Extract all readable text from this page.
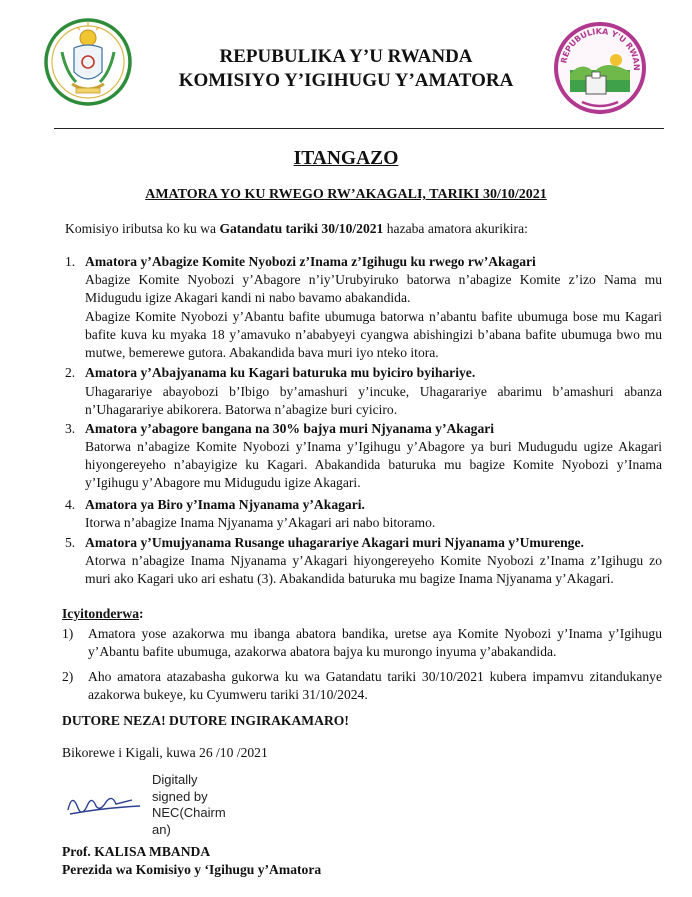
REPUBULIKA Y’U RWANDA
KOMISIYO Y’IGIHUGU Y’AMATORA
REPUBULIKA Y'U RWAN
ITANGAZO
AMATORA YO KU RWEGO RW’AKAGALI, TARIKI 30/10/2021
Komisiyo iributsa ko ku wa Gatandatu tariki 30/10/2021 hazaba amatora akurikira:
1. Amatora y’Abagize Komite Nyobozi z’Inama z’Igihugu ku rwego rw’Akagari
Abagize Komite Nyobozi y’Abagore n’iy’Urubyiruko batorwa n’abagize Komite z’izo Nama mu Midugudu igize Akagari kandi ni nabo bavamo abakandida.
Abagize Komite Nyobozi y’Abantu bafite ubumuga batorwa n’abantu bafite ubumuga bose mu Kagari bafite kuva ku myaka 18 y’amavuko n’ababyeyi cyangwa abishingizi b’abana bafite ubumuga bwo mu mutwe, bemerewe gutora. Abakandida bava muri iyo nteko itora.
2. Amatora y’Abajyanama ku Kagari baturuka mu byiciro byihariye.
Uhagarariye abayobozi b’Ibigo by’amashuri y’incuke, Uhagarariye abarimu b’amashuri abanza n’Uhagarariye abikorera. Batorwa n’abagize buri cyiciro.
3. Amatora y’abagore bangana na 30% bajya muri Njyanama y’Akagari
Batorwa n’abagize Komite Nyobozi y’Inama y’Igihugu y’Abagore ya buri Mudugudu ugize Akagari hiyongereyeho n’abayigize ku Kagari. Abakandida baturuka mu bagize Komite Nyobozi y’Inama y’Igihugu y’Abagore mu Midugudu igize Akagari.
4. Amatora ya Biro y’Inama Njyanama y’Akagari.
Itorwa n’abagize Inama Njyanama y’Akagari ari nabo bitoramo.
5. Amatora y’Umujyanama Rusange uhagarariye Akagari muri Njyanama y’Umurenge.
Atorwa n’abagize Inama Njyanama y’Akagari hiyongereyeho Komite Nyobozi z’Inama z’Igihugu zo muri ako Kagari uko ari eshatu (3). Abakandida baturuka mu bagize Inama Njyanama y’Akagari.
Icyitonderwa:
1) Amatora yose azakorwa mu ibanga abatora bandika, uretse aya Komite Nyobozi y’Inama y’Igihugu y’Abantu bafite ubumuga, azakorwa abatora bajya ku murongo inyuma y’abakandida.
2) Aho amatora atazabasha gukorwa ku wa Gatandatu tariki 30/10/2021 kubera impamvu zitandukanye azakorwa bukeye, ku Cyumweru tariki 31/10/2024.
DUTORE NEZA! DUTORE INGIRAKAMARO!
Bikorewe i Kigali, kuwa 26 /10 /2021
Digitally
signed by
NEC(Chairm
an)
Prof. KALISA MBANDA
Perezida wa Komisiyo y ‘Igihugu y’Amatora
